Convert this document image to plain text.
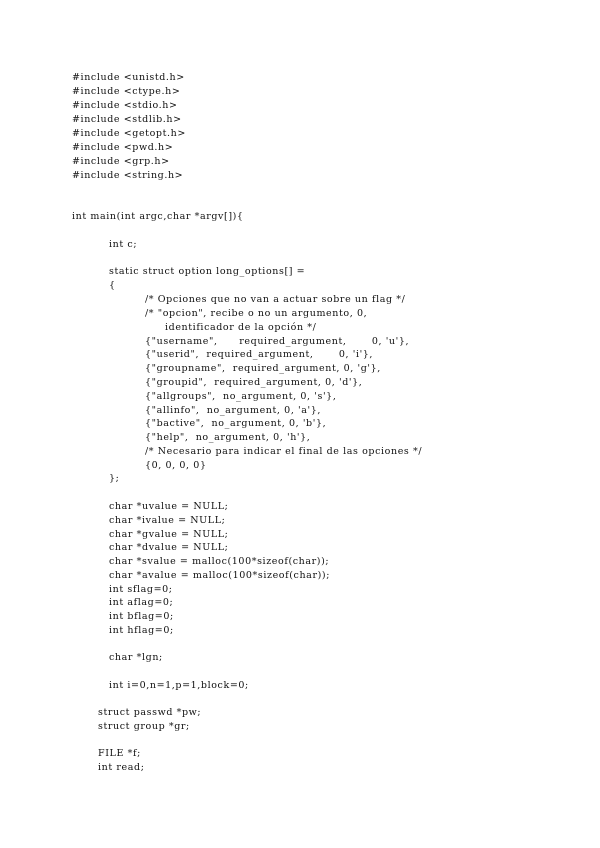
#include <unistd.h>
#include <ctype.h>
#include <stdio.h>
#include <stdlib.h>
#include <getopt.h>
#include <pwd.h>
#include <grp.h>
#include <string.h>
int main(int argc,char *argv[]){
int c;
static struct option long_options[] =
{
/* Opciones que no van a actuar sobre un flag */
/* "opcion", recibe o no un argumento, 0,
identificador de la opción */
{"username",      required_argument,       0, 'u'},
{"userid",  required_argument,       0, 'i'},
{"groupname",  required_argument, 0, 'g'},
{"groupid",  required_argument, 0, 'd'},
{"allgroups",  no_argument, 0, 's'},
{"allinfo",  no_argument, 0, 'a'},
{"bactive",  no_argument, 0, 'b'},
{"help",  no_argument, 0, 'h'},
/* Necesario para indicar el final de las opciones */
{0, 0, 0, 0}
};
char *uvalue = NULL;
char *ivalue = NULL;
char *gvalue = NULL;
char *dvalue = NULL;
char *svalue = malloc(100*sizeof(char));
char *avalue = malloc(100*sizeof(char));
int sflag=0;
int aflag=0;
int bflag=0;
int hflag=0;
char *lgn;
int i=0,n=1,p=1,block=0;
struct passwd *pw;
struct group *gr;
FILE *f;
int read;
